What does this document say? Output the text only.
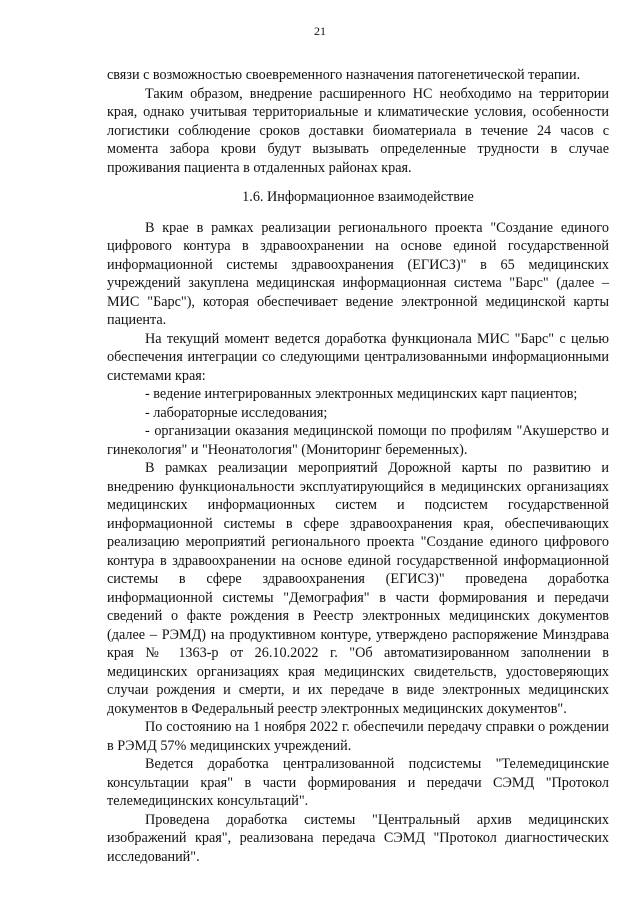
21

связи с возможностью своевременного назначения патогенетической терапии.

Таким образом, внедрение расширенного НС необходимо на территории края, однако учитывая территориальные и климатические условия, особенности логистики соблюдение сроков доставки биоматериала в течение 24 часов с момента забора крови будут вызывать определенные трудности в случае проживания пациента в отдаленных районах края.

1.6. Информационное взаимодействие

В крае в рамках реализации регионального проекта "Создание единого цифрового контура в здравоохранении на основе единой государственной информационной системы здравоохранения (ЕГИСЗ)" в 65 медицинских учреждений закуплена медицинская информационная система "Барс" (далее – МИС "Барс"), которая обеспечивает ведение электронной медицинской карты пациента.

На текущий момент ведется доработка функционала МИС "Барс" с целью обеспечения интеграции со следующими централизованными информационными системами края:

- ведение интегрированных электронных медицинских карт пациентов;

- лабораторные исследования;

- организации оказания медицинской помощи по профилям "Акушерство и гинекология" и "Неонатология" (Мониторинг беременных).

В рамках реализации мероприятий Дорожной карты по развитию и внедрению функциональности эксплуатирующийся в медицинских организациях медицинских информационных систем и подсистем государственной информационной системы в сфере здравоохранения края, обеспечивающих реализацию мероприятий регионального проекта "Создание единого цифрового контура в здравоохранении на основе единой государственной информационной системы в сфере здравоохранения (ЕГИСЗ)" проведена доработка информационной системы "Демография" в части формирования и передачи сведений о факте рождения в Реестр электронных медицинских документов (далее – РЭМД) на продуктивном контуре, утверждено распоряжение Минздрава края № 1363-р от 26.10.2022 г. "Об автоматизированном заполнении в медицинских организациях края медицинских свидетельств, удостоверяющих случаи рождения и смерти, и их передаче в виде электронных медицинских документов в Федеральный реестр электронных медицинских документов".

По состоянию на 1 ноября 2022 г. обеспечили передачу справки о рождении в РЭМД 57% медицинских учреждений.

Ведется доработка централизованной подсистемы "Телемедицинские консультации края" в части формирования и передачи СЭМД "Протокол телемедицинских консультаций".

Проведена доработка системы "Центральный архив медицинских изображений края", реализована передача СЭМД "Протокол диагностических исследований".
